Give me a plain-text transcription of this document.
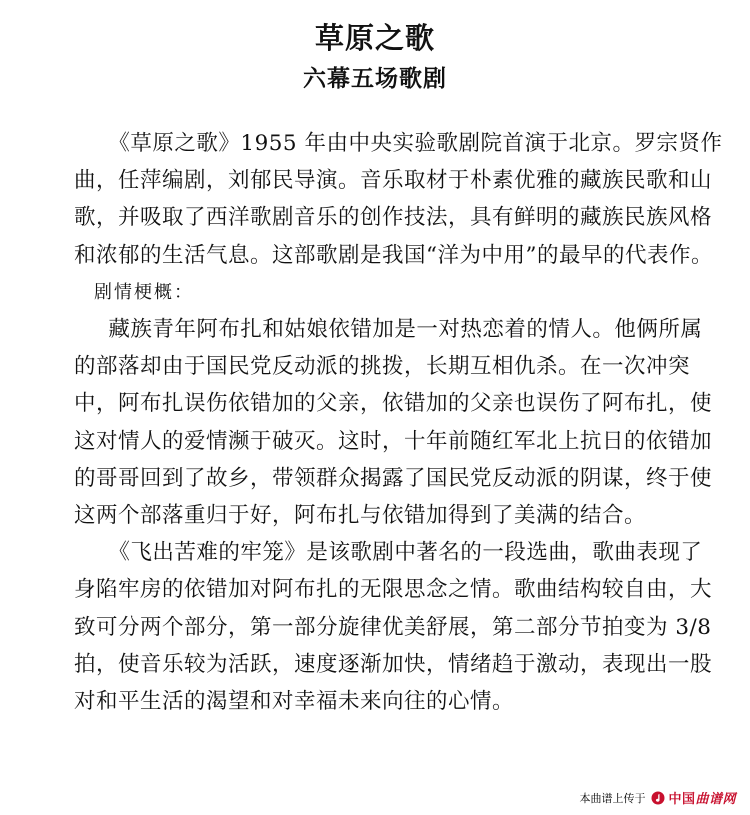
草原之歌
六幕五场歌剧

《草原之歌》1955 年由中央实验歌剧院首演于北京。罗宗贤作曲，任萍编剧，刘郁民导演。音乐取材于朴素优雅的藏族民歌和山歌，并吸取了西洋歌剧音乐的创作技法，具有鲜明的藏族民族风格和浓郁的生活气息。这部歌剧是我国“洋为中用”的最早的代表作。

剧情梗概：

藏族青年阿布扎和姑娘依错加是一对热恋着的情人。他俩所属的部落却由于国民党反动派的挑拨，长期互相仇杀。在一次冲突中，阿布扎误伤依错加的父亲，依错加的父亲也误伤了阿布扎，使这对情人的爱情濒于破灭。这时，十年前随红军北上抗日的依错加的哥哥回到了故乡，带领群众揭露了国民党反动派的阴谋，终于使这两个部落重归于好，阿布扎与依错加得到了美满的结合。

《飞出苦难的牢笼》是该歌剧中著名的一段选曲，歌曲表现了身陷牢房的依错加对阿布扎的无限思念之情。歌曲结构较自由，大致可分两个部分，第一部分旋律优美舒展，第二部分节拍变为 3/8 拍，使音乐较为活跃，速度逐渐加快，情绪趋于激动，表现出一股对和平生活的渴望和对幸福未来向往的心情。

本曲谱上传于 中国曲谱网
